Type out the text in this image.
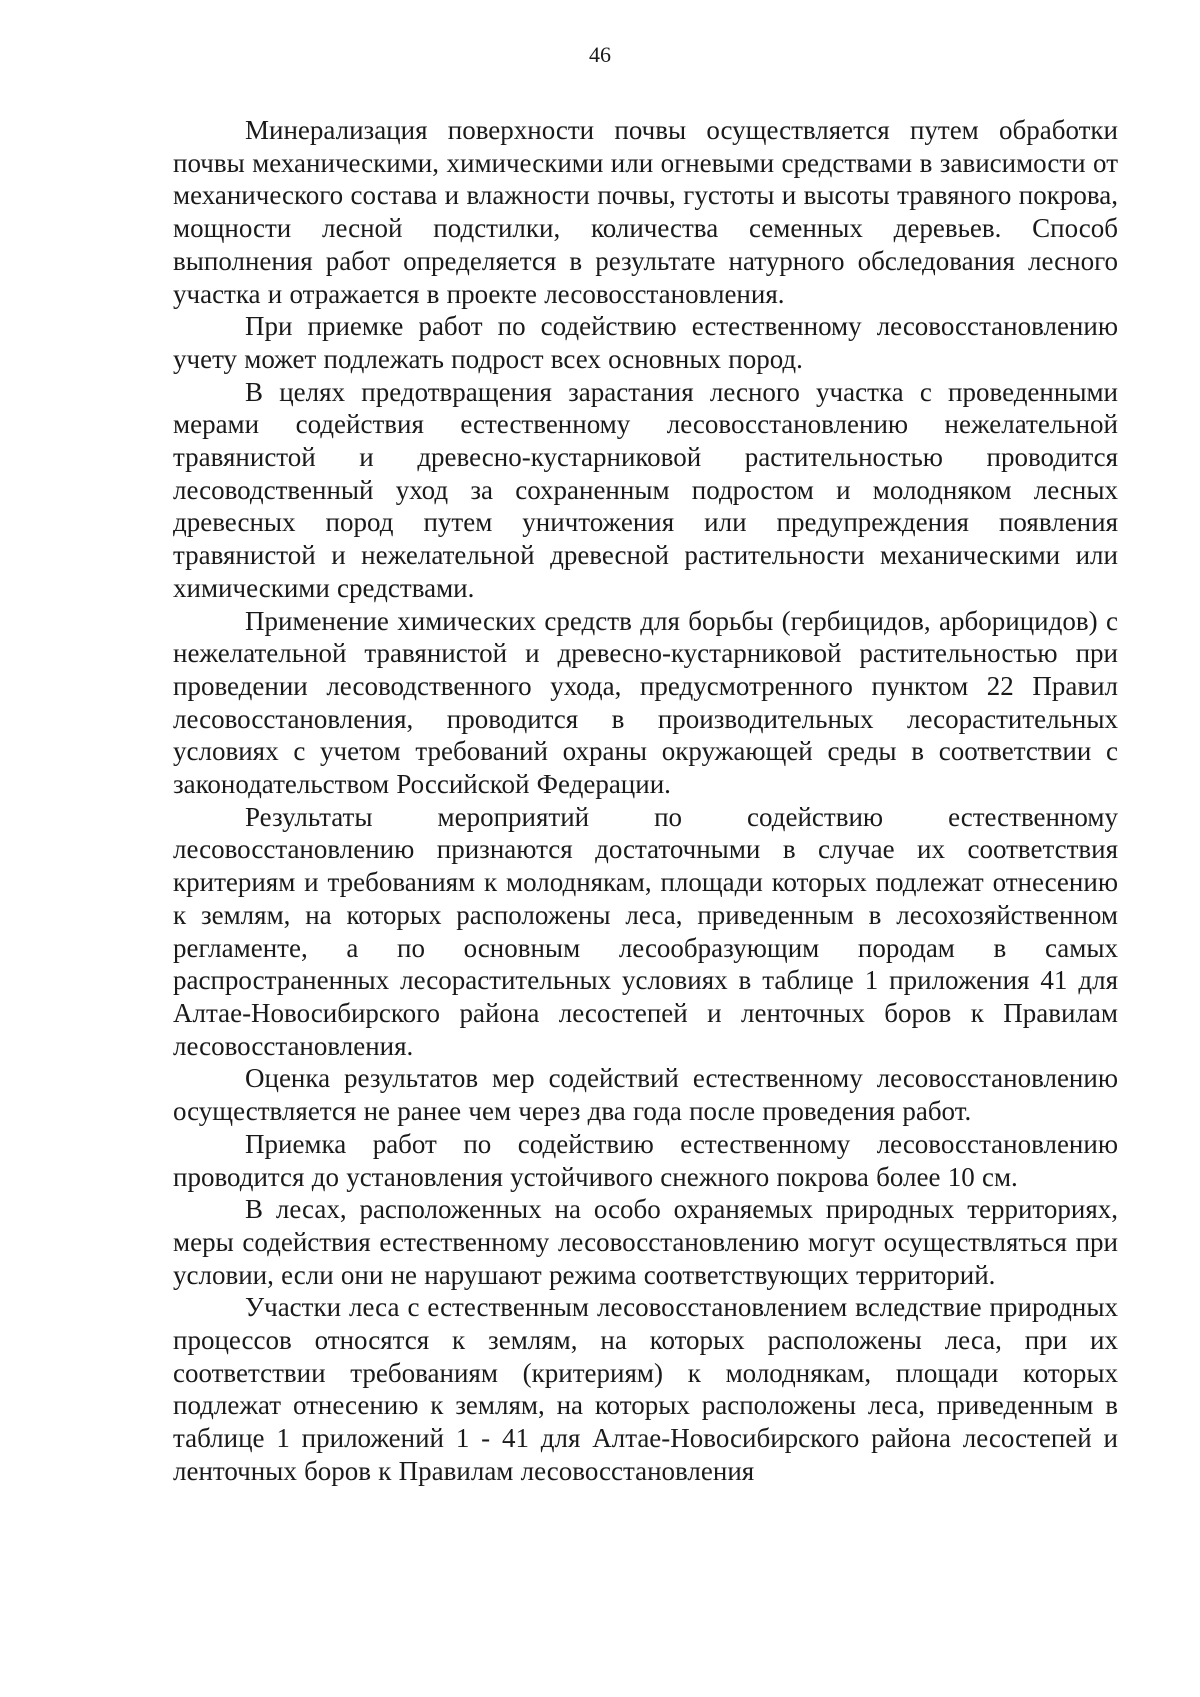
46

Минерализация поверхности почвы осуществляется путем обработки почвы механическими, химическими или огневыми средствами в зависимости от механического состава и влажности почвы, густоты и высоты травяного покрова, мощности лесной подстилки, количества семенных деревьев. Способ выполнения работ определяется в результате натурного обследования лесного участка и отражается в проекте лесовосстановления.

При приемке работ по содействию естественному лесовосстановлению учету может подлежать подрост всех основных пород.

В целях предотвращения зарастания лесного участка с проведенными мерами содействия естественному лесовосстановлению нежелательной травянистой и древесно-кустарниковой растительностью проводится лесоводственный уход за сохраненным подростом и молодняком лесных древесных пород путем уничтожения или предупреждения появления травянистой и нежелательной древесной растительности механическими или химическими средствами.

Применение химических средств для борьбы (гербицидов, арборицидов) с нежелательной травянистой и древесно-кустарниковой растительностью при проведении лесоводственного ухода, предусмотренного пунктом 22 Правил лесовосстановления, проводится в производительных лесорастительных условиях с учетом требований охраны окружающей среды в соответствии с законодательством Российской Федерации.

Результаты мероприятий по содействию естественному лесовосстановлению признаются достаточными в случае их соответствия критериям и требованиям к молоднякам, площади которых подлежат отнесению к землям, на которых расположены леса, приведенным в лесохозяйственном регламенте, а по основным лесообразующим породам в самых распространенных лесорастительных условиях в таблице 1 приложения 41 для Алтае-Новосибирского района лесостепей и ленточных боров к Правилам лесовосстановления.

Оценка результатов мер содействий естественному лесовосстановлению осуществляется не ранее чем через два года после проведения работ.

Приемка работ по содействию естественному лесовосстановлению проводится до установления устойчивого снежного покрова более 10 см.

В лесах, расположенных на особо охраняемых природных территориях, меры содействия естественному лесовосстановлению могут осуществляться при условии, если они не нарушают режима соответствующих территорий.

Участки леса с естественным лесовосстановлением вследствие природных процессов относятся к землям, на которых расположены леса, при их соответствии требованиям (критериям) к молоднякам, площади которых подлежат отнесению к землям, на которых расположены леса, приведенным в таблице 1 приложений 1 - 41 для Алтае-Новосибирского района лесостепей и ленточных боров к Правилам лесовосстановления
